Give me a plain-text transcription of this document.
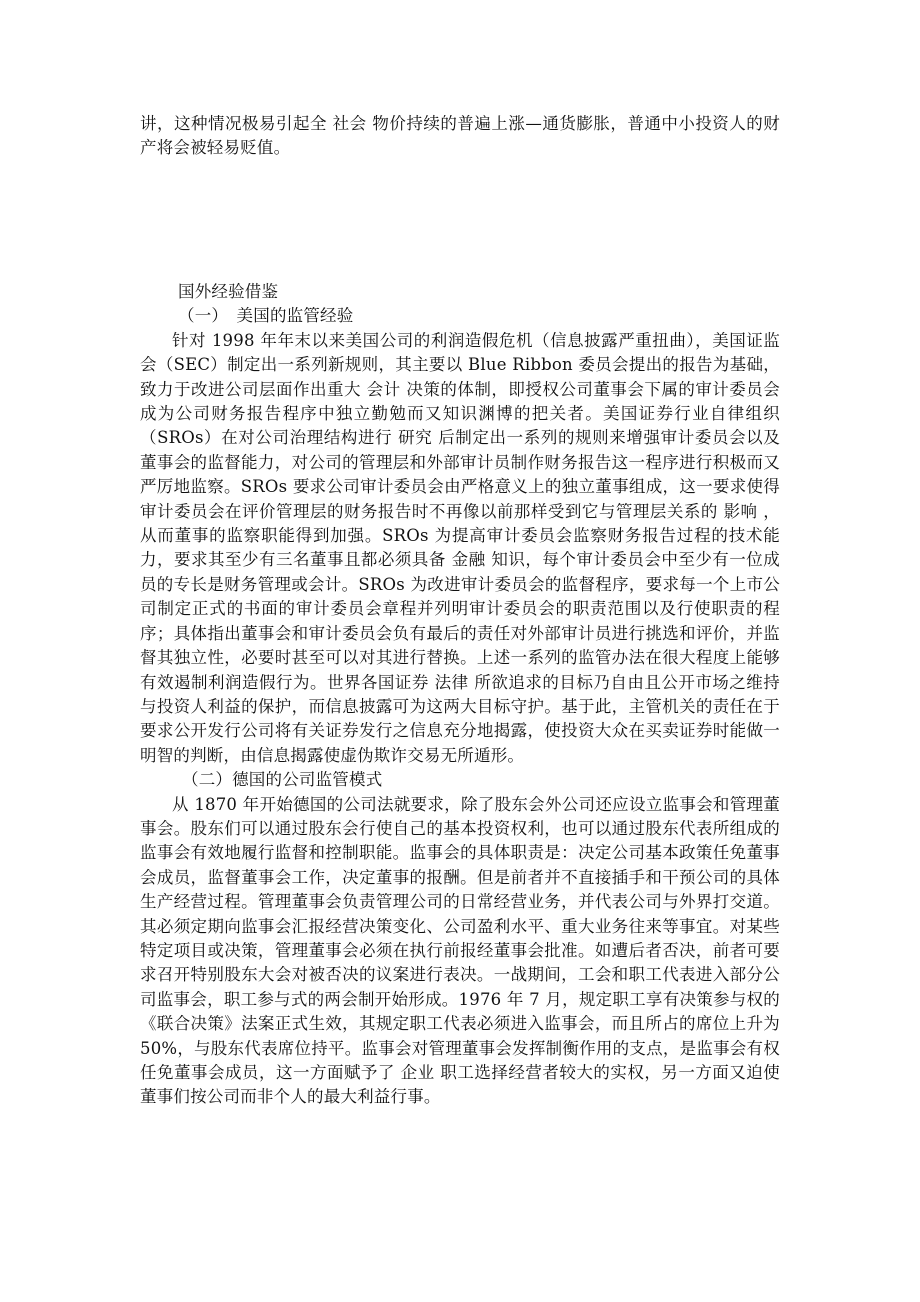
讲，这种情况极易引起全 社会 物价持续的普遍上涨—通货膨胀，普通中小投资人的财产将会被轻易贬值。

国外经验借鉴
（一）　美国的监管经验

针对 1998 年年末以来美国公司的利润造假危机（信息披露严重扭曲），美国证监会（SEC）制定出一系列新规则，其主要以 Blue Ribbon 委员会提出的报告为基础，致力于改进公司层面作出重大 会计 决策的体制，即授权公司董事会下属的审计委员会成为公司财务报告程序中独立勤勉而又知识渊博的把关者。美国证券行业自律组织（SROs）在对公司治理结构进行 研究 后制定出一系列的规则来增强审计委员会以及董事会的监督能力，对公司的管理层和外部审计员制作财务报告这一程序进行积极而又严厉地监察。SROs 要求公司审计委员会由严格意义上的独立董事组成，这一要求使得审计委员会在评价管理层的财务报告时不再像以前那样受到它与管理层关系的 影响 ，从而董事的监察职能得到加强。SROs 为提高审计委员会监察财务报告过程的技术能力，要求其至少有三名董事且都必须具备 金融 知识，每个审计委员会中至少有一位成员的专长是财务管理或会计。SROs 为改进审计委员会的监督程序，要求每一个上市公司制定正式的书面的审计委员会章程并列明审计委员会的职责范围以及行使职责的程序；具体指出董事会和审计委员会负有最后的责任对外部审计员进行挑选和评价，并监督其独立性，必要时甚至可以对其进行替换。上述一系列的监管办法在很大程度上能够有效遏制利润造假行为。世界各国证券 法律 所欲追求的目标乃自由且公开市场之维持与投资人利益的保护，而信息披露可为这两大目标守护。基于此，主管机关的责任在于要求公开发行公司将有关证券发行之信息充分地揭露，使投资大众在买卖证券时能做一明智的判断，由信息揭露使虚伪欺诈交易无所遁形。

（二）德国的公司监管模式

从 1870 年开始德国的公司法就要求，除了股东会外公司还应设立监事会和管理董事会。股东们可以通过股东会行使自己的基本投资权利，也可以通过股东代表所组成的监事会有效地履行监督和控制职能。监事会的具体职责是：决定公司基本政策任免董事会成员，监督董事会工作，决定董事的报酬。但是前者并不直接插手和干预公司的具体生产经营过程。管理董事会负责管理公司的日常经营业务，并代表公司与外界打交道。其必须定期向监事会汇报经营决策变化、公司盈利水平、重大业务往来等事宜。对某些特定项目或决策，管理董事会必须在执行前报经董事会批准。如遭后者否决，前者可要求召开特别股东大会对被否决的议案进行表决。一战期间，工会和职工代表进入部分公司监事会，职工参与式的两会制开始形成。1976 年 7 月，规定职工享有决策参与权的《联合决策》法案正式生效，其规定职工代表必须进入监事会，而且所占的席位上升为 50%，与股东代表席位持平。监事会对管理董事会发挥制衡作用的支点，是监事会有权任免董事会成员，这一方面赋予了 企业 职工选择经营者较大的实权，另一方面又迫使董事们按公司而非个人的最大利益行事。
